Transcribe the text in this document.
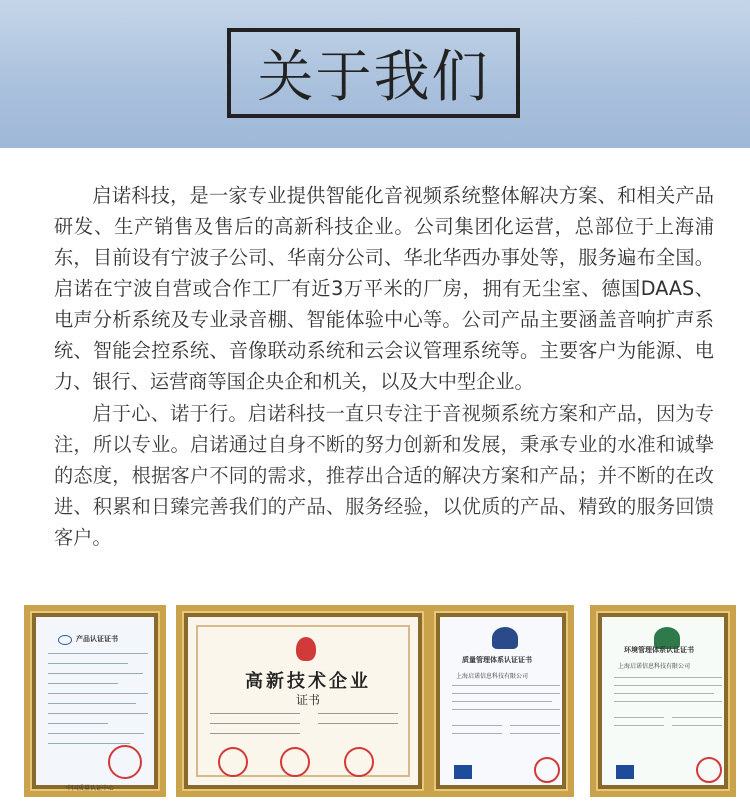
关于我们

启诺科技，是一家专业提供智能化音视频系统整体解决方案、和相关产品研发、生产销售及售后的高新科技企业。公司集团化运营，总部位于上海浦东，目前设有宁波子公司、华南分公司、华北华西办事处等，服务遍布全国。启诺在宁波自营或合作工厂有近3万平米的厂房，拥有无尘室、德国DAAS、电声分析系统及专业录音棚、智能体验中心等。公司产品主要涵盖音响扩声系统、智能会控系统、音像联动系统和云会议管理系统等。主要客户为能源、电力、银行、运营商等国企央企和机关，以及大中型企业。

启于心、诺于行。启诺科技一直只专注于音视频系统方案和产品，因为专注，所以专业。启诺通过自身不断的努力创新和发展，秉承专业的水准和诚挚的态度，根据客户不同的需求，推荐出合适的解决方案和产品；并不断的在改进、积累和日臻完善我们的产品、服务经验，以优质的产品、精致的服务回馈客户。

产品认证证书
中国质量认证中心
高新技术企业
证书
质量管理体系认证证书
上海启诺信息科技有限公司
环境管理体系认证证书
上海启诺信息科技有限公司
